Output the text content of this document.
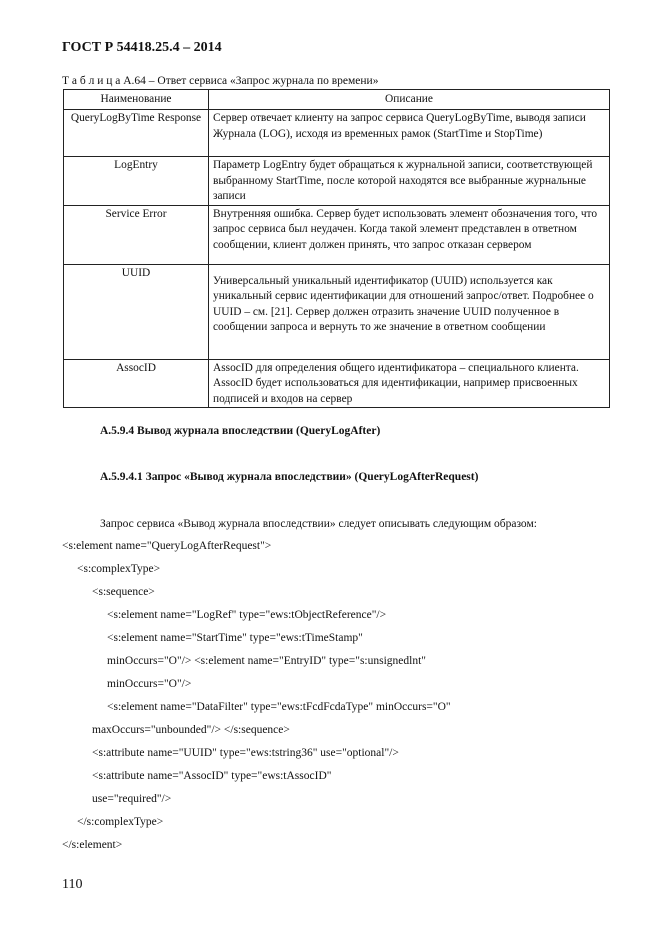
ГОСТ Р 54418.25.4 – 2014
Т а б л и ц а А.64 – Ответ сервиса «Запрос журнала по времени»
Наименование	Описание
QueryLogByTime Response	Сервер отвечает клиенту на запрос сервиса QueryLogByTime, выводя записи Журнала (LOG), исходя из временных рамок (StartTime и StopTime)
LogEntry	Параметр LogEntry будет обращаться к журнальной записи, соответствующей выбранному StartTime, после которой находятся все выбранные журнальные записи
Service Error	Внутренняя ошибка. Сервер будет использовать элемент обозначения того, что запрос сервиса был неудачен. Когда такой элемент представлен в ответном сообщении, клиент должен принять, что запрос отказан сервером
UUID	Универсальный уникальный идентификатор (UUID) используется как уникальный сервис идентификации для отношений запрос/ответ. Подробнее о UUID – см. [21]. Сервер должен отразить значение UUID полученное в сообщении запроса и вернуть то же значение в ответном сообщении
AssocID	AssocID для определения общего идентификатора – специального клиента. AssocID будет использоваться для идентификации, например присвоенных подписей и входов на сервер
А.5.9.4 Вывод журнала впоследствии (QueryLogAfter)
А.5.9.4.1 Запрос «Вывод журнала впоследствии» (QueryLogAfterRequest)
Запрос сервиса «Вывод журнала впоследствии» следует описывать следующим образом:
<s:element name="QueryLogAfterRequest">
<s:complexType>
<s:sequence>
<s:element name="LogRef" type="ews:tObjectReference"/>
<s:element name="StartTime" type="ews:tTimeStamp"
minOccurs="O"/> <s:element name="EntryID" type="s:unsignedlnt"
minOccurs="O"/>
<s:element name="DataFilter" type="ews:tFcdFcdaType" minOccurs="O"
maxOccurs="unbounded"/> </s:sequence>
<s:attribute name="UUID" type="ews:tstring36" use="optional"/>
<s:attribute name="AssocID" type="ews:tAssocID"
use="required"/>
</s:complexType>
</s:element>
110
